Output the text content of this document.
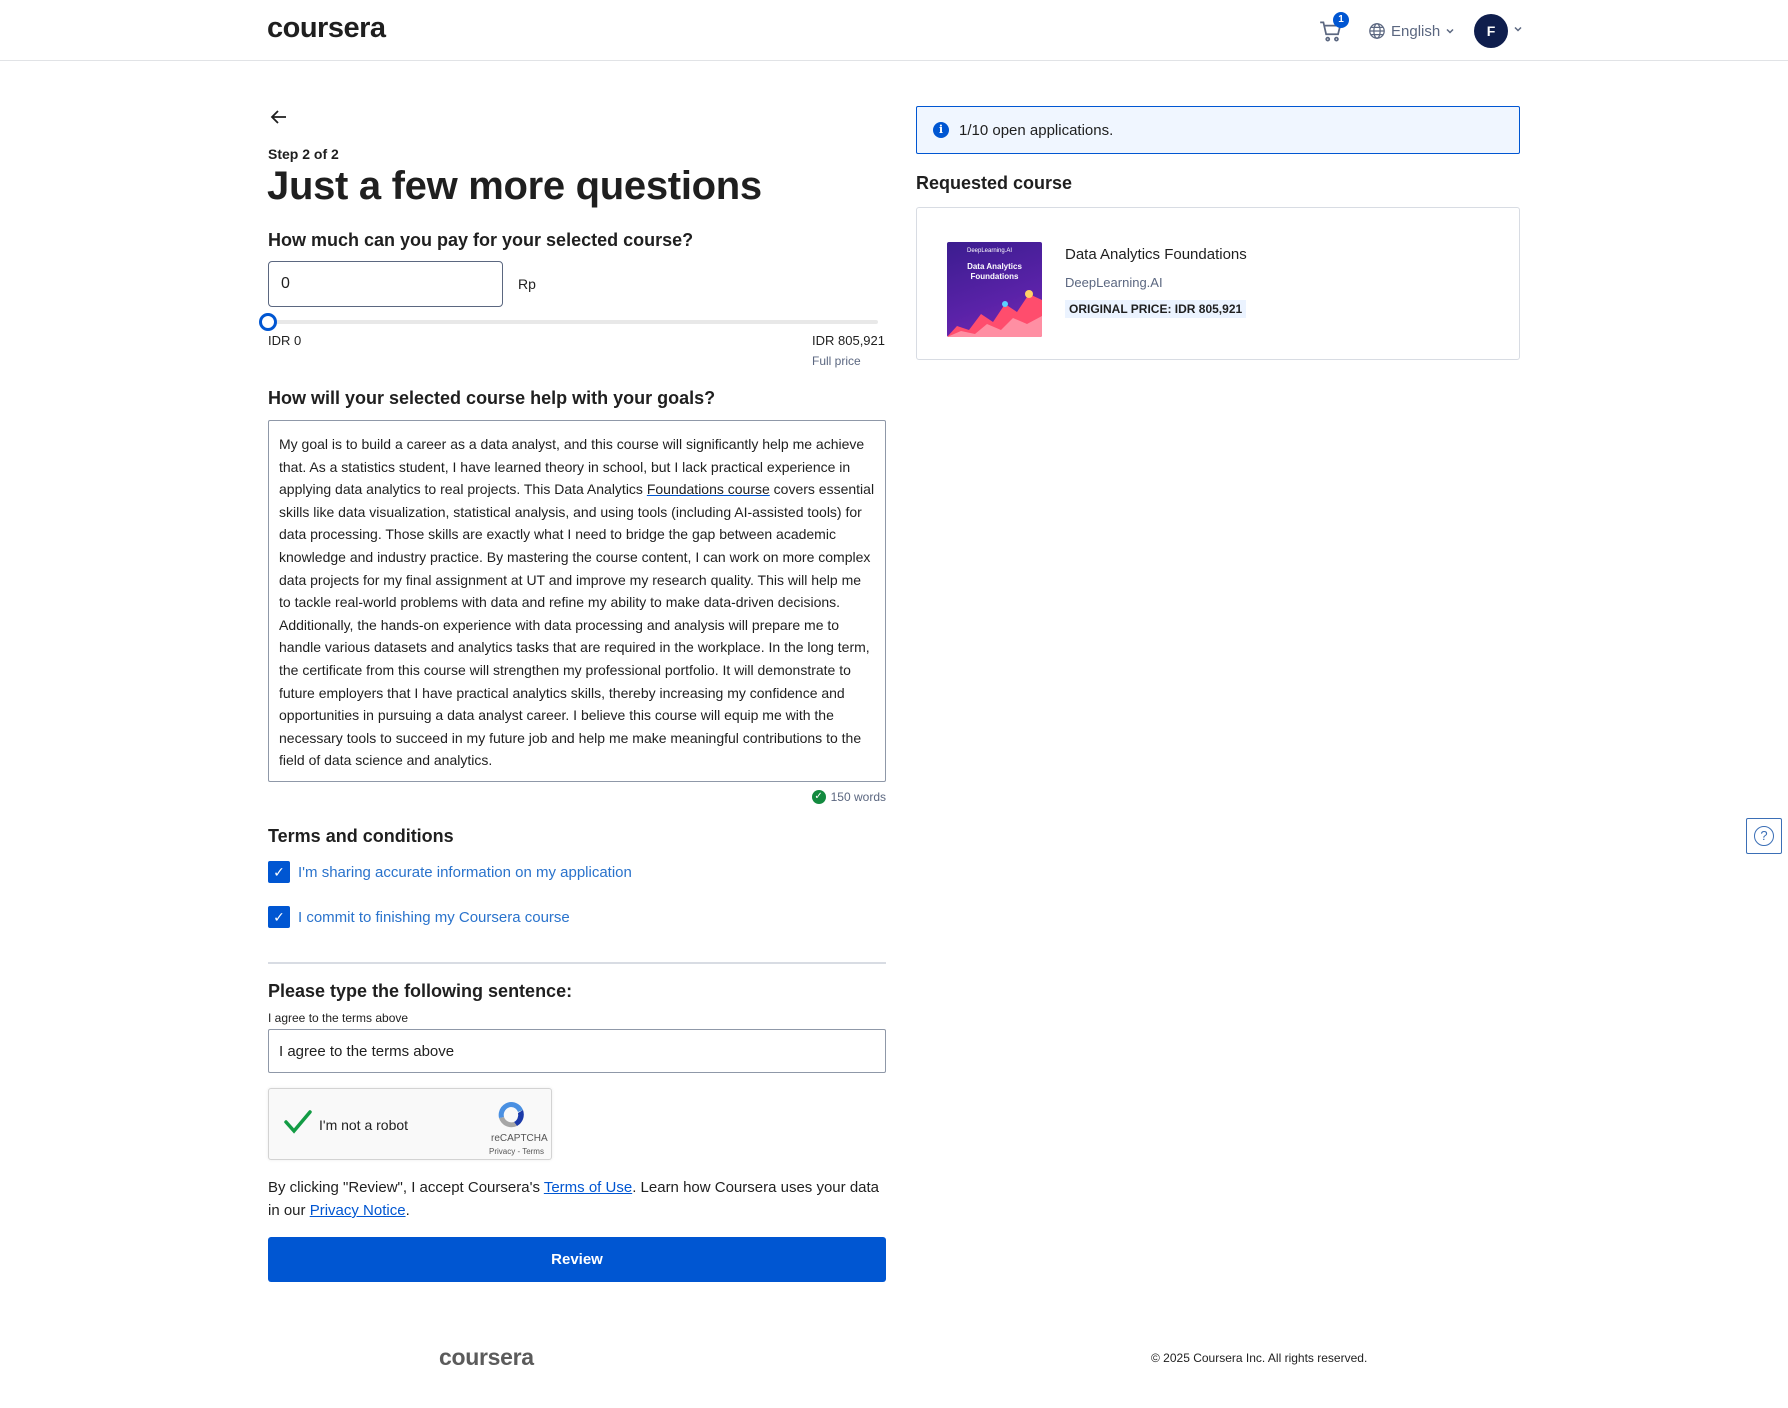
coursera	1
English	F
Step 2 of 2
Just a few more questions
How much can you pay for your selected course?
0
Rp
IDR 0	IDR 805,921
Full price
How will your selected course help with your goals?
My goal is to build a career as a data analyst, and this course will significantly help me achieve that. As a statistics student, I have learned theory in school, but I lack practical experience in applying data analytics to real projects. This Data Analytics Foundations course covers essential skills like data visualization, statistical analysis, and using tools (including AI-assisted tools) for data processing. Those skills are exactly what I need to bridge the gap between academic knowledge and industry practice. By mastering the course content, I can work on more complex data projects for my final assignment at UT and improve my research quality. This will help me to tackle real-world problems with data and refine my ability to make data-driven decisions. Additionally, the hands-on experience with data processing and analysis will prepare me to handle various datasets and analytics tasks that are required in the workplace. In the long term, the certificate from this course will strengthen my professional portfolio. It will demonstrate to future employers that I have practical analytics skills, thereby increasing my confidence and opportunities in pursuing a data analyst career. I believe this course will equip me with the necessary tools to succeed in my future job and help me make meaningful contributions to the field of data science and analytics.
✓ 150 words
Terms and conditions
✓ I'm sharing accurate information on my application
✓ I commit to finishing my Coursera course
Please type the following sentence:
I agree to the terms above
I agree to the terms above
I'm not a robot
reCAPTCHA
Privacy - Terms
By clicking "Review", I accept Coursera's Terms of Use. Learn how Coursera uses your data in our Privacy Notice.
Review
i	1/10 open applications.
Requested course
DeepLearning.AI
Data Analytics Foundations
Data Analytics Foundations
DeepLearning.AI
ORIGINAL PRICE: IDR 805,921
?
coursera	© 2025 Coursera Inc. All rights reserved.
